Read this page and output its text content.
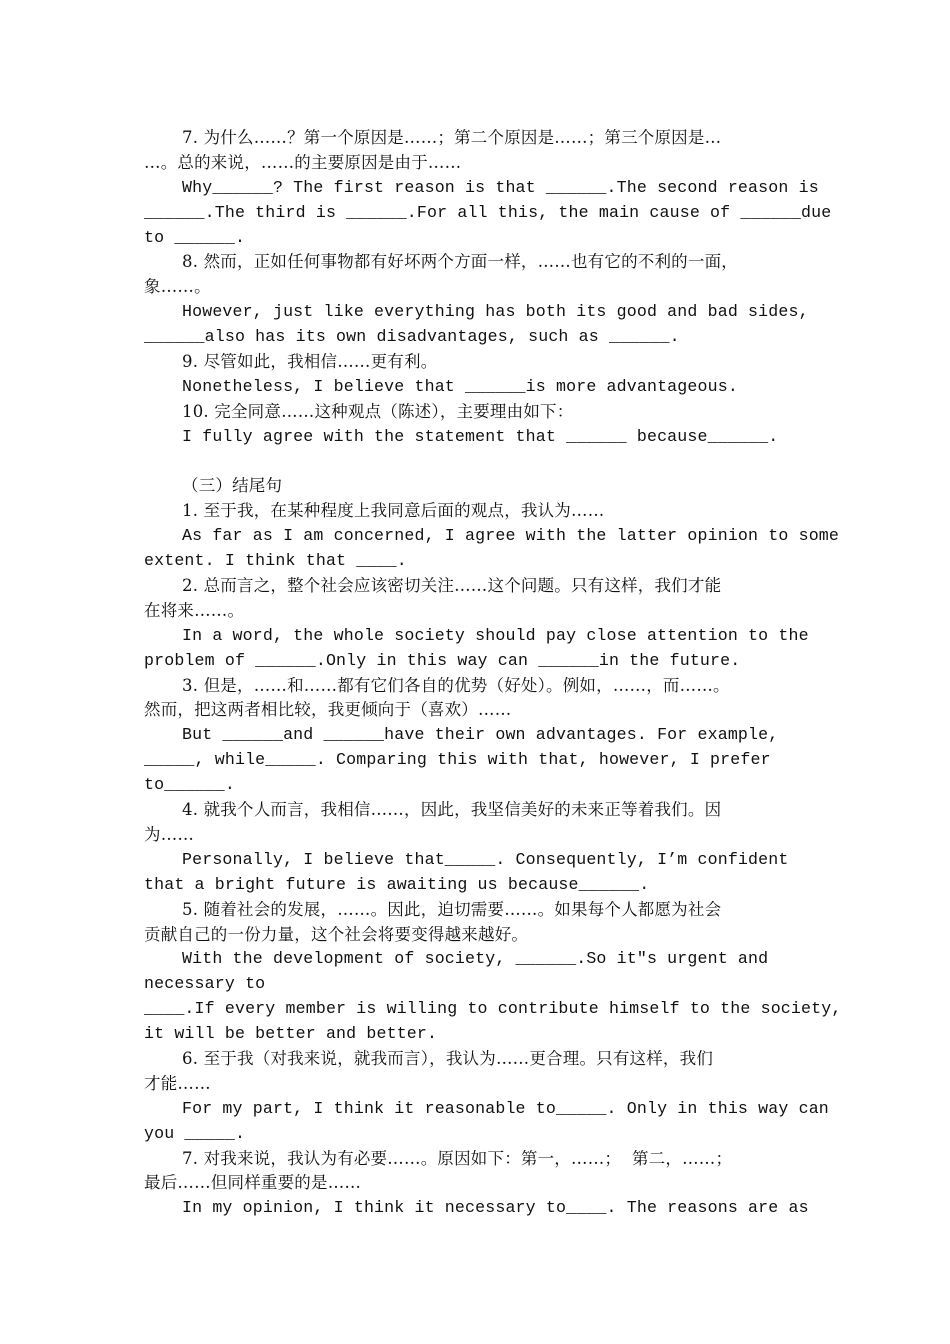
7. 为什么……？第一个原因是……；第二个原因是……；第三个原因是…
…。总的来说，……的主要原因是由于……
Why______? The first reason is that ______.The second reason is
______.The third is ______.For all this, the main cause of ______due
to ______.
8. 然而，正如任何事物都有好坏两个方面一样，……也有它的不利的一面，
象……。
However, just like everything has both its good and bad sides,
______also has its own disadvantages, such as ______.
9. 尽管如此，我相信……更有利。
Nonetheless, I believe that ______is more advantageous.
10. 完全同意……这种观点（陈述），主要理由如下：
I fully agree with the statement that ______ because______.
（三）结尾句
1. 至于我，在某种程度上我同意后面的观点，我认为……
As far as I am concerned, I agree with the latter opinion to some
extent. I think that ____.
2. 总而言之，整个社会应该密切关注……这个问题。只有这样，我们才能
在将来……。
In a word, the whole society should pay close attention to the
problem of ______.Only in this way can ______in the future.
3. 但是，……和……都有它们各自的优势（好处）。例如，……，而……。
然而，把这两者相比较，我更倾向于（喜欢）……
But ______and ______have their own advantages. For example,
_____, while_____. Comparing this with that, however, I prefer
to______.
4. 就我个人而言，我相信……，因此，我坚信美好的未来正等着我们。因
为……
Personally, I believe that_____. Consequently, I’m confident
that a bright future is awaiting us because______.
5. 随着社会的发展，……。因此，迫切需要……。如果每个人都愿为社会
贡献自己的一份力量，这个社会将要变得越来越好。
With the development of society, ______.So it"s urgent and
necessary to
____.If every member is willing to contribute himself to the society,
it will be better and better.
6. 至于我（对我来说，就我而言），我认为……更合理。只有这样，我们
才能……
For my part, I think it reasonable to_____. Only in this way can
you _____.
7. 对我来说，我认为有必要……。原因如下：第一，……；  第二，……；
最后……但同样重要的是……
In my opinion, I think it necessary to____. The reasons are as
